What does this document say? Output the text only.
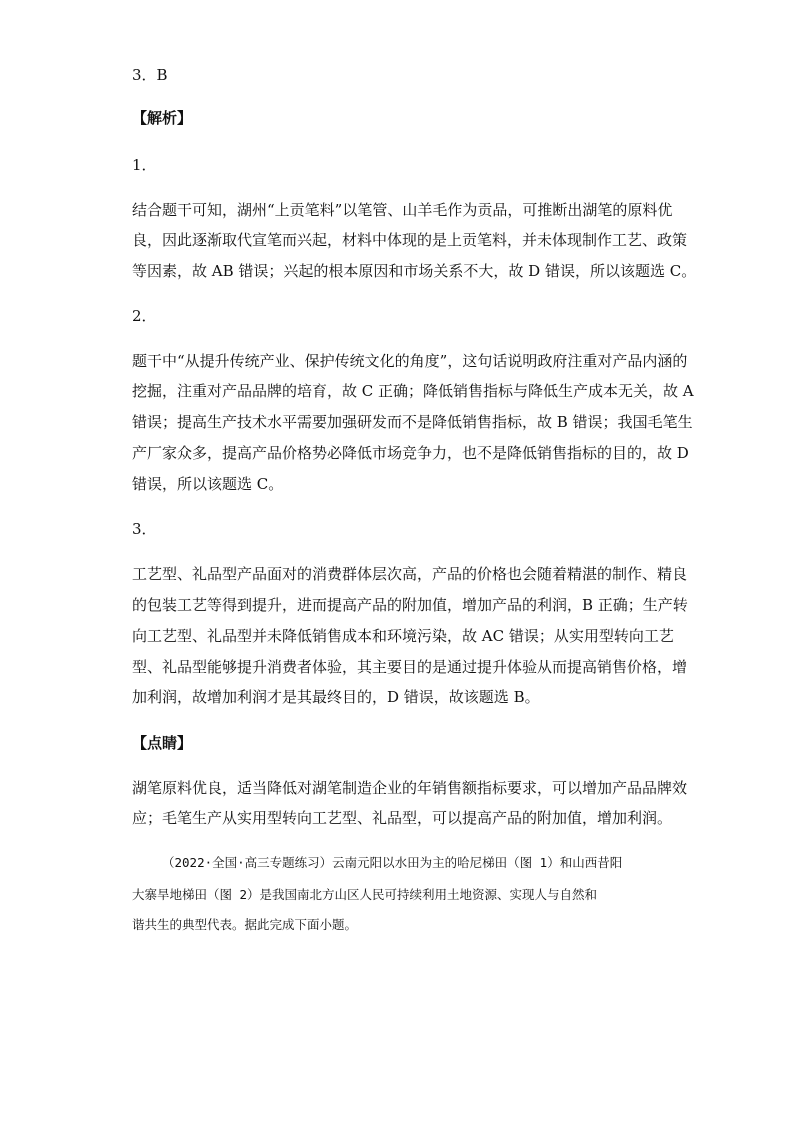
3．B
【解析】
1．
结合题干可知，湖州“上贡笔料”以笔管、山羊毛作为贡品，可推断出湖笔的原料优
良，因此逐渐取代宣笔而兴起，材料中体现的是上贡笔料，并未体现制作工艺、政策
等因素，故 AB 错误；兴起的根本原因和市场关系不大，故 D 错误，所以该题选 C。
2．
题干中“从提升传统产业、保护传统文化的角度”，这句话说明政府注重对产品内涵的
挖掘，注重对产品品牌的培育，故 C 正确；降低销售指标与降低生产成本无关，故 A
错误；提高生产技术水平需要加强研发而不是降低销售指标，故 B 错误；我国毛笔生
产厂家众多，提高产品价格势必降低市场竞争力，也不是降低销售指标的目的，故 D
错误，所以该题选 C。
3．
工艺型、礼品型产品面对的消费群体层次高，产品的价格也会随着精湛的制作、精良
的包装工艺等得到提升，进而提高产品的附加值，增加产品的利润，B 正确；生产转
向工艺型、礼品型并未降低销售成本和环境污染，故 AC 错误；从实用型转向工艺
型、礼品型能够提升消费者体验，其主要目的是通过提升体验从而提高销售价格，增
加利润，故增加利润才是其最终目的，D 错误，故该题选 B。
【点睛】
湖笔原料优良，适当降低对湖笔制造企业的年销售额指标要求，可以增加产品品牌效
应；毛笔生产从实用型转向工艺型、礼品型，可以提高产品的附加值，增加利润。
（2022·全国·高三专题练习）云南元阳以水田为主的哈尼梯田（图 1）和山西昔阳
大寨旱地梯田（图 2）是我国南北方山区人民可持续利用土地资源、实现人与自然和
谐共生的典型代表。据此完成下面小题。
